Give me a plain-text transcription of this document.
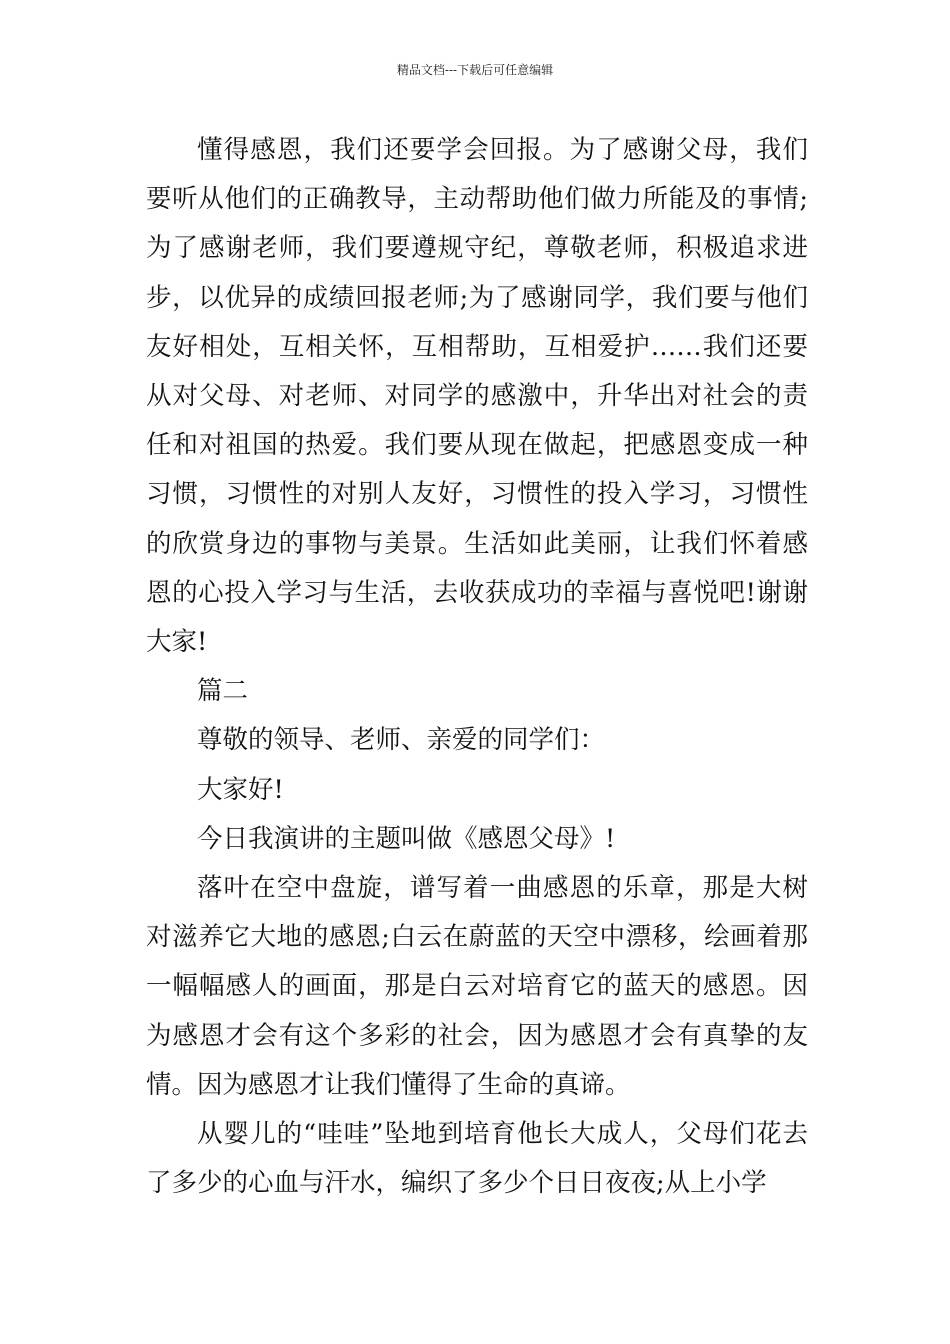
精品文档---下载后可任意编辑

懂得感恩，我们还要学会回报。为了感谢父母，我们要听从他们的正确教导，主动帮助他们做力所能及的事情;为了感谢老师，我们要遵规守纪，尊敬老师，积极追求进步，以优异的成绩回报老师;为了感谢同学，我们要与他们友好相处，互相关怀，互相帮助，互相爱护……我们还要从对父母、对老师、对同学的感激中，升华出对社会的责任和对祖国的热爱。我们要从现在做起，把感恩变成一种习惯，习惯性的对别人友好，习惯性的投入学习，习惯性的欣赏身边的事物与美景。生活如此美丽，让我们怀着感恩的心投入学习与生活，去收获成功的幸福与喜悦吧!谢谢大家!

篇二

尊敬的领导、老师、亲爱的同学们：

大家好!

今日我演讲的主题叫做《感恩父母》!

落叶在空中盘旋，谱写着一曲感恩的乐章，那是大树对滋养它大地的感恩;白云在蔚蓝的天空中漂移，绘画着那一幅幅感人的画面，那是白云对培育它的蓝天的感恩。因为感恩才会有这个多彩的社会，因为感恩才会有真挚的友情。因为感恩才让我们懂得了生命的真谛。

从婴儿的“哇哇”坠地到培育他长大成人，父母们花去了多少的心血与汗水，编织了多少个日日夜夜;从上小学
